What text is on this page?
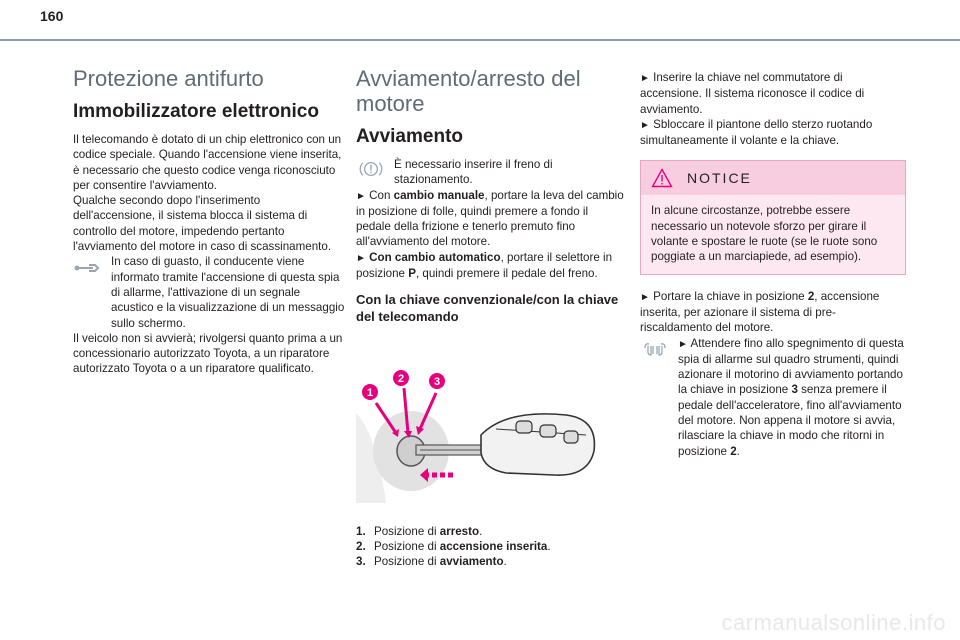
160
Protezione antifurto
Immobilizzatore elettronico

Il telecomando è dotato di un chip elettronico con un codice speciale. Quando l'accensione viene inserita, è necessario che questo codice venga riconosciuto per consentire l'avviamento.

Qualche secondo dopo l'inserimento dell'accensione, il sistema blocca il sistema di controllo del motore, impedendo pertanto l'avviamento del motore in caso di scassinamento.

In caso di guasto, il conducente viene informato tramite l'accensione di questa spia di allarme, l'attivazione di un segnale acustico e la visualizzazione di un messaggio sullo schermo.

Il veicolo non si avvierà; rivolgersi quanto prima a un concessionario autorizzato Toyota, a un riparatore autorizzato Toyota o a un riparatore qualificato.

Avviamento/arresto del motore
Avviamento

È necessario inserire il freno di stazionamento.

► Con cambio manuale, portare la leva del cambio in posizione di folle, quindi premere a fondo il pedale della frizione e tenerlo premuto fino all'avviamento del motore.

► Con cambio automatico, portare il selettore in posizione P, quindi premere il pedale del freno.

Con la chiave convenzionale/con la chiave del telecomando
1
2	3
1. Posizione di arresto.
2. Posizione di accensione inserita.
3. Posizione di avviamento.

► Inserire la chiave nel commutatore di accensione. Il sistema riconosce il codice di avviamento.

► Sbloccare il piantone dello sterzo ruotando simultaneamente il volante e la chiave.

NOTICE
In alcune circostanze, potrebbe essere necessario un notevole sforzo per girare il volante e spostare le ruote (se le ruote sono poggiate a un marciapiede, ad esempio).

► Portare la chiave in posizione 2, accensione inserita, per azionare il sistema di pre-riscaldamento del motore.

► Attendere fino allo spegnimento di questa spia di allarme sul quadro strumenti, quindi azionare il motorino di avviamento portando la chiave in posizione 3 senza premere il pedale dell'acceleratore, fino all'avviamento del motore. Non appena il motore si avvia, rilasciare la chiave in modo che ritorni in posizione 2.

carmanualsonline.info
